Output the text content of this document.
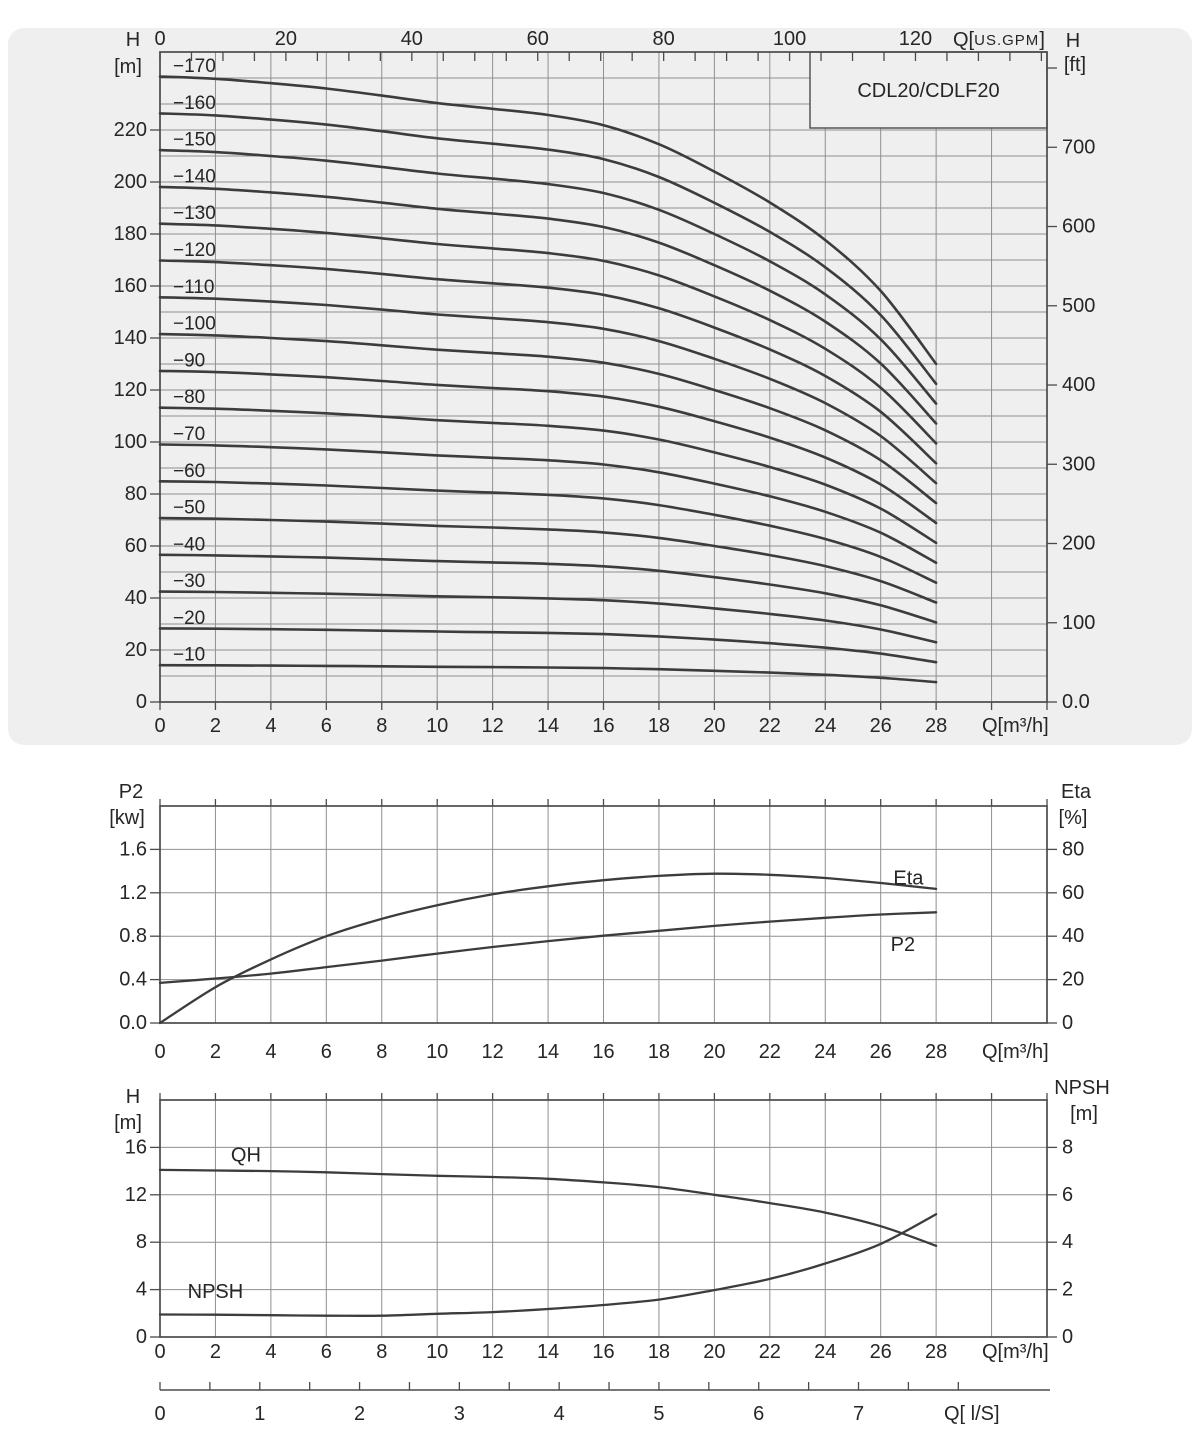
CDL20/CDLF20
0	20	40	60	80	100	120 Q[US.GPM]
0 2 4 6 8 10 12 14 16 18 20 22 24 26 28 Q[m³/h]
0
20
40
60
80
100
120
140
160
180
200
220
H
[m]
0.0
100
200
300
400
500
600
700
H
[ft]
−10
−20
−30
−40
−50
−60
−70
−80
−90
−100
−110
−120
−130
−140
−150
−160
−170
0.0
0.4
0.8
1.2
1.6
P2
[kw]
0
20
40
60
80
Eta
[%]
0 2 4 6 8 10 12 14 16 18 20 22 24 26 28 Q[m³/h]
Eta
P2
0
4
8
12
16
H
[m]
0
2
4
6
8
NPSH
[m]
0 2 4 6 8 10 12 14 16 18 20 22 24 26 28 Q[m³/h]
QH
NPSH
0	1	2	3	4	5	6	7	Q[ l/S]
